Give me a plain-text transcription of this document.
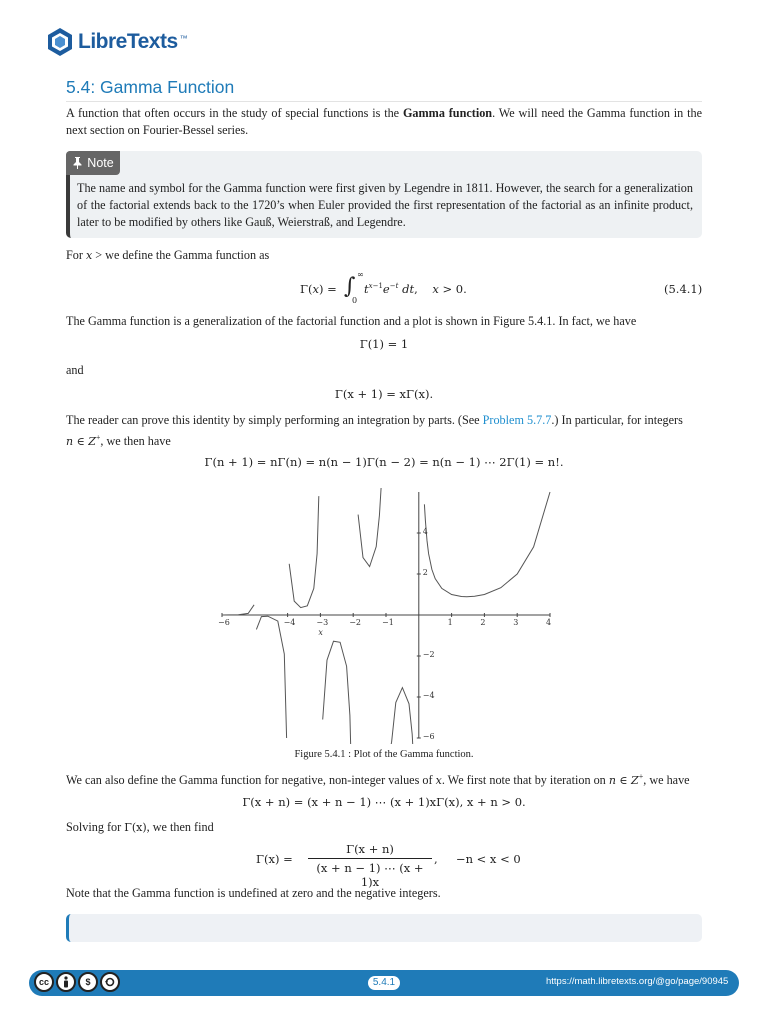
LibreTexts ™
5.4: Gamma Function
A function that often occurs in the study of special functions is the Gamma function. We will need the Gamma function in the next section on Fourier-Bessel series.
Note
The name and symbol for the Gamma function were first given by Legendre in 1811. However, the search for a generalization of the factorial extends back to the 1720’s when Euler provided the first representation of the factorial as an infinite product, later to be modified by others like Gauß, Weierstraß, and Legendre.
For x > we define the Gamma function as
Γ(x) = ∫ ∞
0
$t^{x-1}e^{-t}$ dt,    x > 0.	(5.4.1)
The Gamma function is a generalization of the factorial function and a plot is shown in Figure 5.4.1. In fact, we have
Γ(1) = 1
and
Γ(x + 1) = xΓ(x).
The reader can prove this identity by simply performing an integration by parts. (See Problem 5.7.7.) In particular, for integers
n ∈ Z+, we then have
Γ(n + 1) = nΓ(n) = n(n − 1)Γ(n − 2) = n(n − 1) ⋯ 2Γ(1) = n!.
−6	−4	−3	−2	−1	1	2	3	4
4
2
−2
−4
−6
x
Figure 5.4.1 : Plot of the Gamma function.
We can also define the Gamma function for negative, non-integer values of x. We first note that by iteration on n ∈ Z+, we have
Γ(x + n) = (x + n − 1) ⋯ (x + 1)xΓ(x), x + n > 0.
Solving for Γ(x), we then find
Γ(x) =
Γ(x + n)
(x + n − 1) ⋯ (x + 1)x
,     −n < x < 0
Note that the Gamma function is undefined at zero and the negative integers.
cc	$	5.4.1	https://math.libretexts.org/@go/page/90945
